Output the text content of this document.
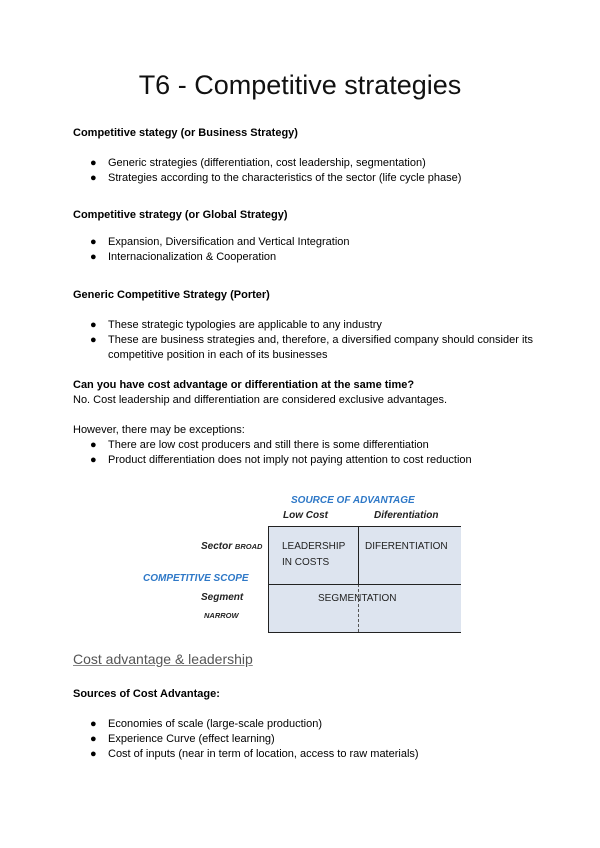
T6 - Competitive strategies

Competitive stategy (or Business Strategy)

● Generic strategies (differentiation, cost leadership, segmentation)
● Strategies according to the characteristics of the sector (life cycle phase)

Competitive strategy (or Global Strategy)

● Expansion, Diversification and Vertical Integration
● Internacionalization & Cooperation

Generic Competitive Strategy (Porter)

● These strategic typologies are applicable to any industry
● These are business strategies and, therefore, a diversified company should consider its competitive position in each of its businesses

Can you have cost advantage or differentiation at the same time?

No. Cost leadership and differentiation are considered exclusive advantages.

However, there may be exceptions:

● There are low cost producers and still there is some differentiation
● Product differentiation does not imply not paying attention to cost reduction
SOURCE OF ADVANTAGE
Low Cost	Diferentiation
Sector BROAD
COMPETITIVE SCOPE
Segment
NARROW
LEADERSHIP
IN COSTS
DIFERENTIATION
SEGMENTATION
Cost advantage & leadership

Sources of Cost Advantage:

● Economies of scale (large-scale production)
● Experience Curve (effect learning)
● Cost of inputs (near in term of location, access to raw materials)
